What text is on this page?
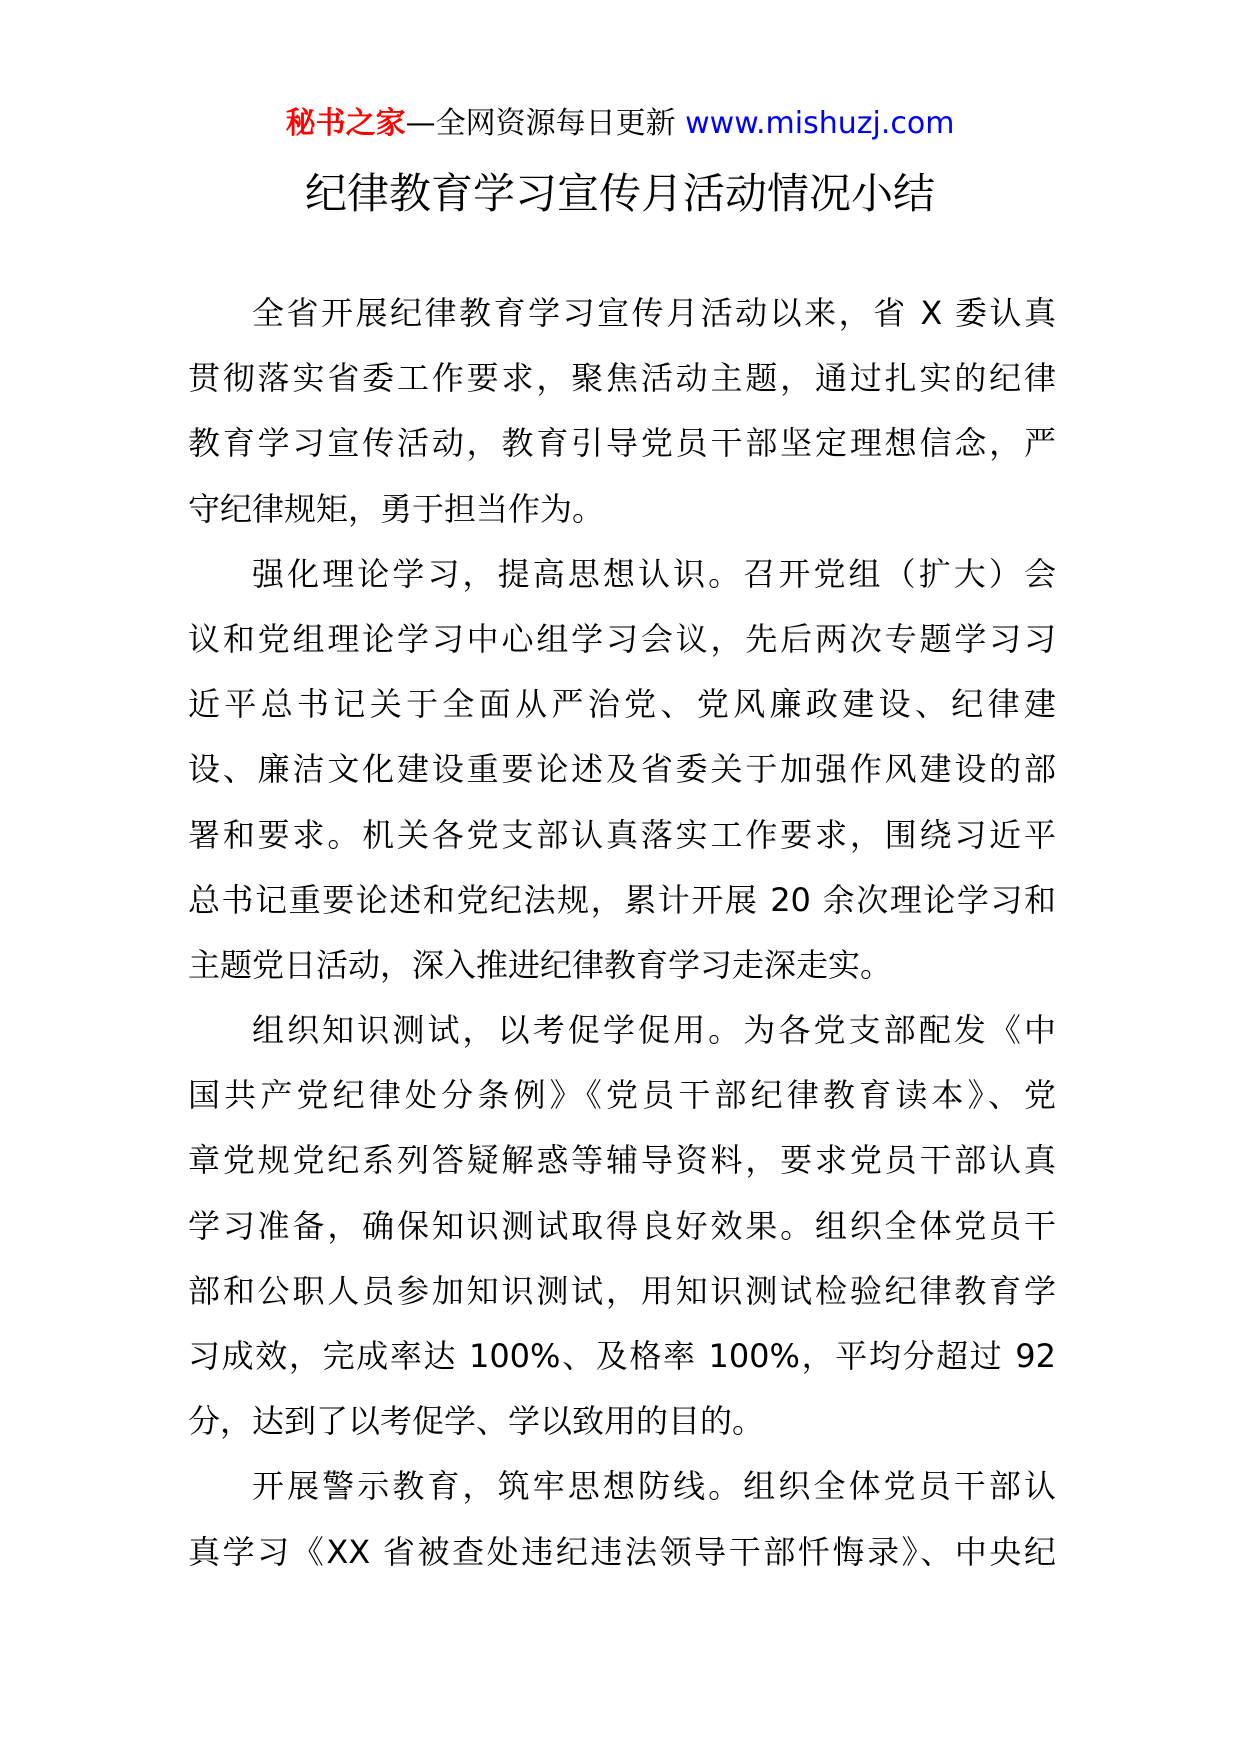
秘书之家—全网资源每日更新 www.mishuzj.com
纪律教育学习宣传月活动情况小结
全省开展纪律教育学习宣传月活动以来，省 X 委认真
贯彻落实省委工作要求，聚焦活动主题，通过扎实的纪律
教育学习宣传活动，教育引导党员干部坚定理想信念，严
守纪律规矩，勇于担当作为。
强化理论学习，提高思想认识。召开党组（扩大）会
议和党组理论学习中心组学习会议，先后两次专题学习习
近平总书记关于全面从严治党、党风廉政建设、纪律建
设、廉洁文化建设重要论述及省委关于加强作风建设的部
署和要求。机关各党支部认真落实工作要求，围绕习近平
总书记重要论述和党纪法规，累计开展 20 余次理论学习和
主题党日活动，深入推进纪律教育学习走深走实。
组织知识测试，以考促学促用。为各党支部配发《中
国共产党纪律处分条例》《党员干部纪律教育读本》、党
章党规党纪系列答疑解惑等辅导资料，要求党员干部认真
学习准备，确保知识测试取得良好效果。组织全体党员干
部和公职人员参加知识测试，用知识测试检验纪律教育学
习成效，完成率达 100%、及格率 100%，平均分超过 92
分，达到了以考促学、学以致用的目的。
开展警示教育，筑牢思想防线。组织全体党员干部认
真学习《XX 省被查处违纪违法领导干部忏悔录》、中央纪
